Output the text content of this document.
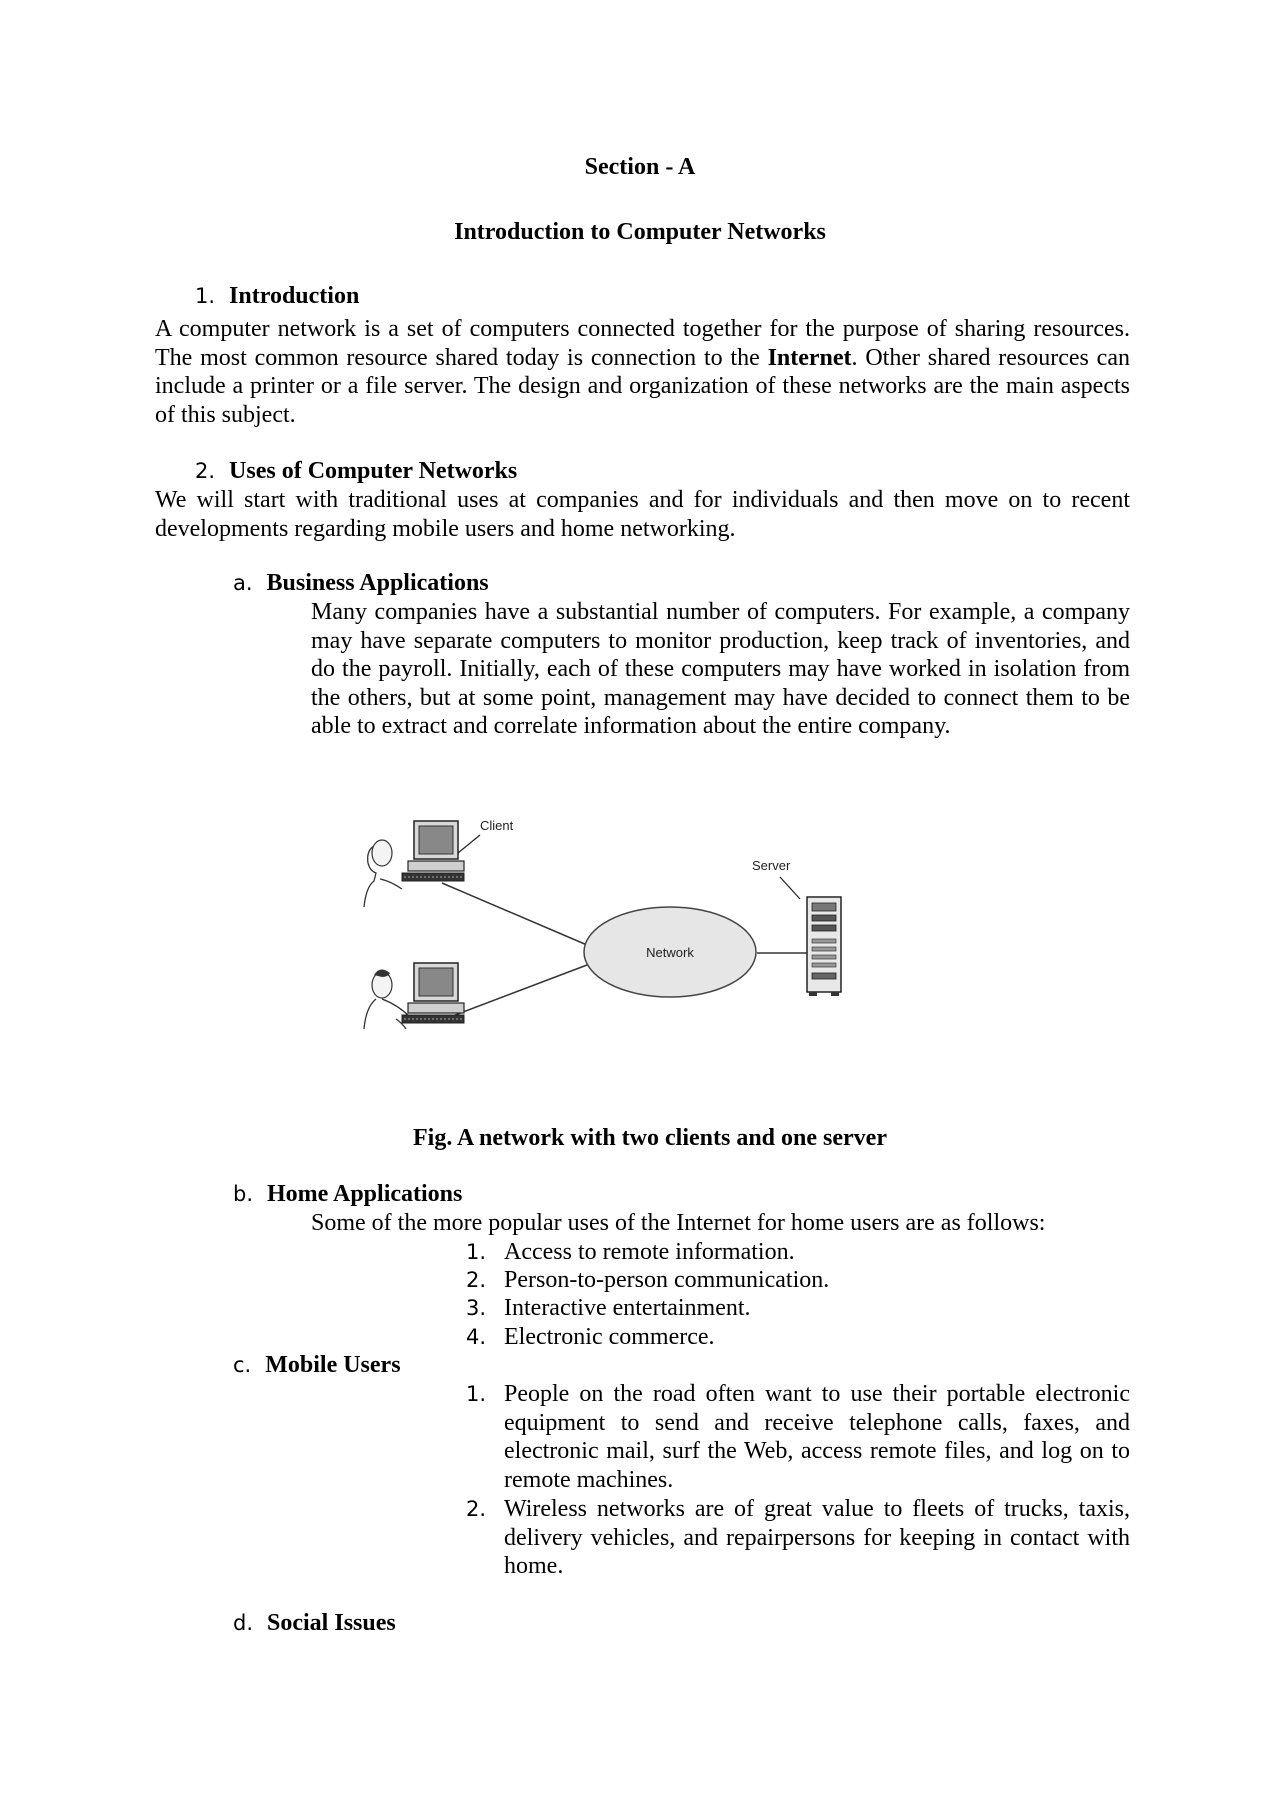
Section - A
Introduction to Computer Networks
1. Introduction
A computer network is a set of computers connected together for the purpose of sharing resources. The most common resource shared today is connection to the Internet. Other shared resources can include a printer or a file server. The design and organization of these networks are the main aspects of this subject.
2. Uses of Computer Networks
We will start with traditional uses at companies and for individuals and then move on to recent developments regarding mobile users and home networking.
a. Business Applications
Many companies have a substantial number of computers. For example, a company may have separate computers to monitor production, keep track of inventories, and do the payroll. Initially, each of these computers may have worked in isolation from the others, but at some point, management may have decided to connect them to be able to extract and correlate information about the entire company.
Network
Client
Server
Fig. A network with two clients and one server
b. Home Applications
Some of the more popular uses of the Internet for home users are as follows:
1. Access to remote information.
2. Person-to-person communication.
3. Interactive entertainment.
4. Electronic commerce.
c. Mobile Users
1. People on the road often want to use their portable electronic equipment to send and receive telephone calls, faxes, and electronic mail, surf the Web, access remote files, and log on to remote machines.
2. Wireless networks are of great value to fleets of trucks, taxis, delivery vehicles, and repairpersons for keeping in contact with home.
d. Social Issues
